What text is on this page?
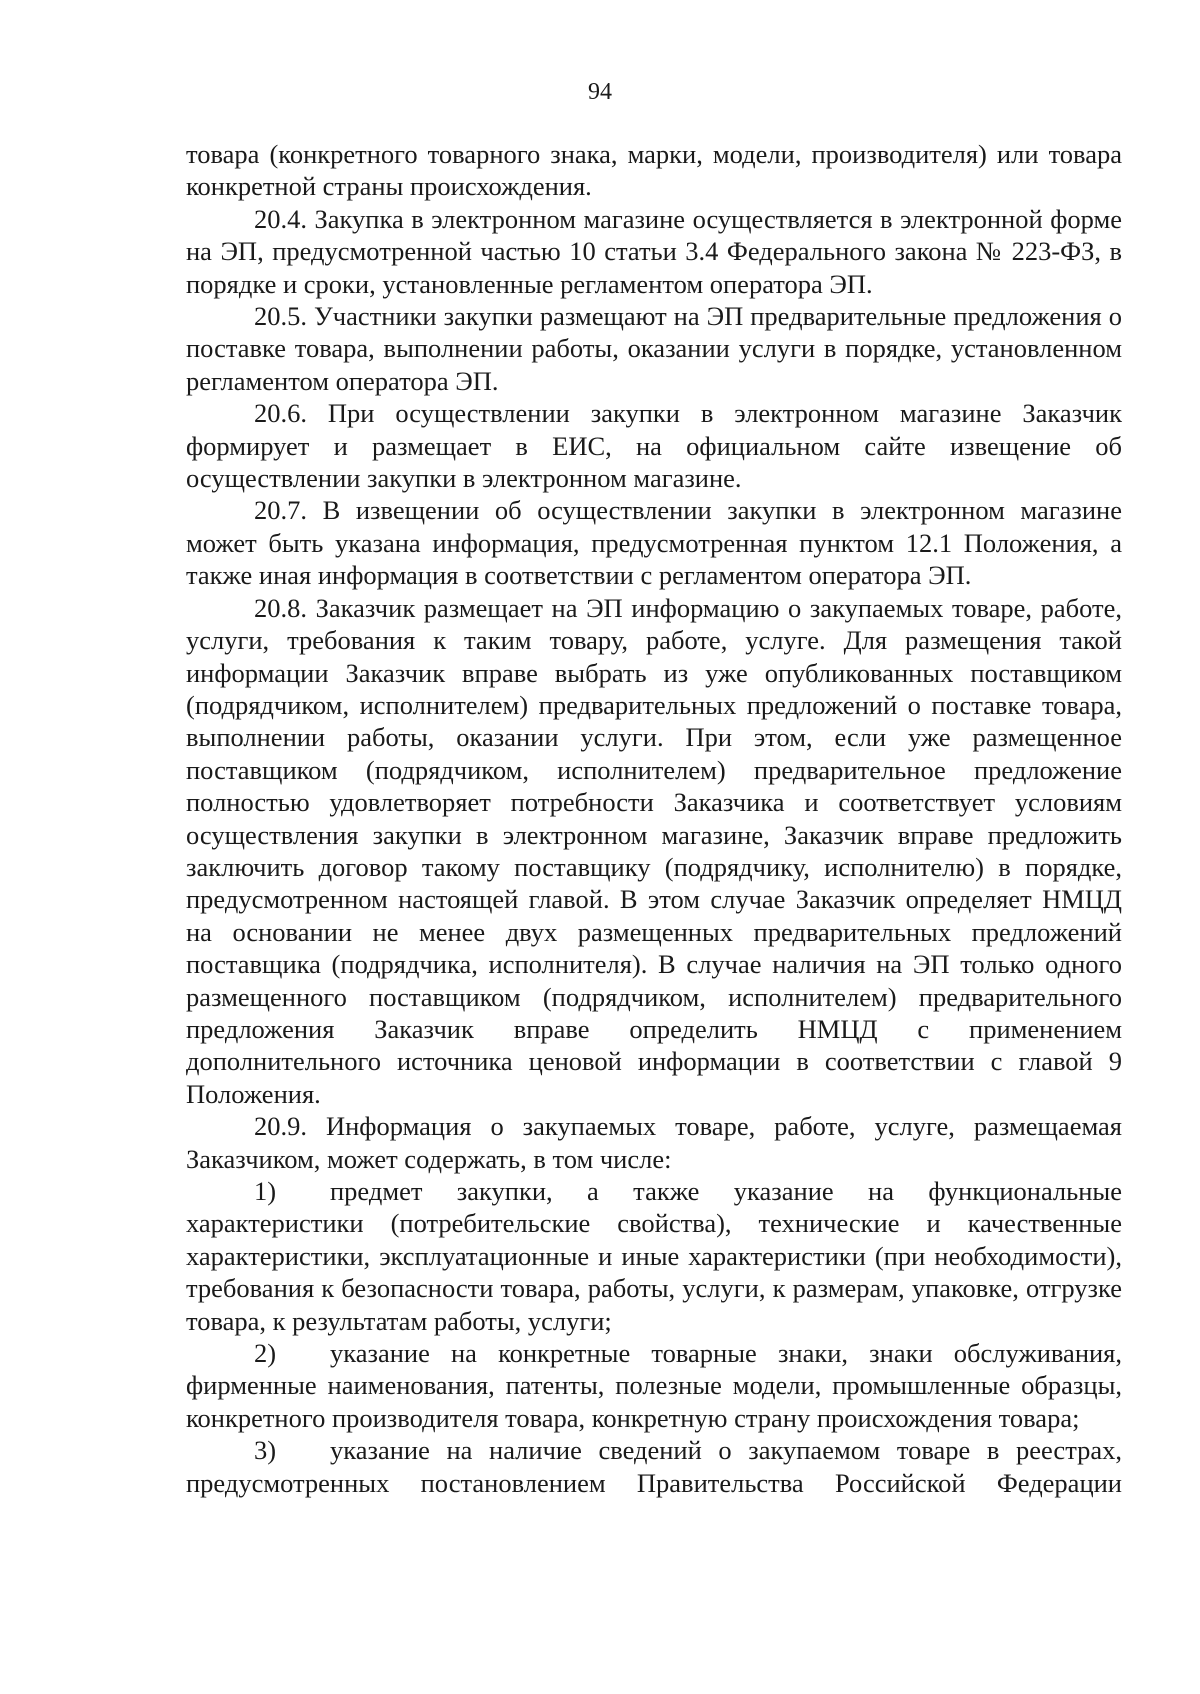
94

товара (конкретного товарного знака, марки, модели, производителя) или товара конкретной страны происхождения.

20.4. Закупка в электронном магазине осуществляется в электронной форме на ЭП, предусмотренной частью 10 статьи 3.4 Федерального закона № 223-ФЗ, в порядке и сроки, установленные регламентом оператора ЭП.

20.5. Участники закупки размещают на ЭП предварительные предложения о поставке товара, выполнении работы, оказании услуги в порядке, установленном регламентом оператора ЭП.

20.6. При осуществлении закупки в электронном магазине Заказчик формирует и размещает в ЕИС, на официальном сайте извещение об осуществлении закупки в электронном магазине.

20.7. В извещении об осуществлении закупки в электронном магазине может быть указана информация, предусмотренная пунктом 12.1 Положения, а также иная информация в соответствии с регламентом оператора ЭП.

20.8. Заказчик размещает на ЭП информацию о закупаемых товаре, работе, услуги, требования к таким товару, работе, услуге. Для размещения такой информации Заказчик вправе выбрать из уже опубликованных поставщиком (подрядчиком, исполнителем) предварительных предложений о поставке товара, выполнении работы, оказании услуги. При этом, если уже размещенное поставщиком (подрядчиком, исполнителем) предварительное предложение полностью удовлетворяет потребности Заказчика и соответствует условиям осуществления закупки в электронном магазине, Заказчик вправе предложить заключить договор такому поставщику (подрядчику, исполнителю) в порядке, предусмотренном настоящей главой. В этом случае Заказчик определяет НМЦД на основании не менее двух размещенных предварительных предложений поставщика (подрядчика, исполнителя). В случае наличия на ЭП только одного размещенного поставщиком (подрядчиком, исполнителем) предварительного предложения Заказчик вправе определить НМЦД с применением дополнительного источника ценовой информации в соответствии с главой 9 Положения.

20.9. Информация о закупаемых товаре, работе, услуге, размещаемая Заказчиком, может содержать, в том числе:

1) предмет закупки, а также указание на функциональные характеристики (потребительские свойства), технические и качественные характеристики, эксплуатационные и иные характеристики (при необходимости), требования к безопасности товара, работы, услуги, к размерам, упаковке, отгрузке товара, к результатам работы, услуги;

2) указание на конкретные товарные знаки, знаки обслуживания, фирменные наименования, патенты, полезные модели, промышленные образцы, конкретного производителя товара, конкретную страну происхождения товара;

3) указание на наличие сведений о закупаемом товаре в реестрах, предусмотренных постановлением Правительства Российской Федерации
